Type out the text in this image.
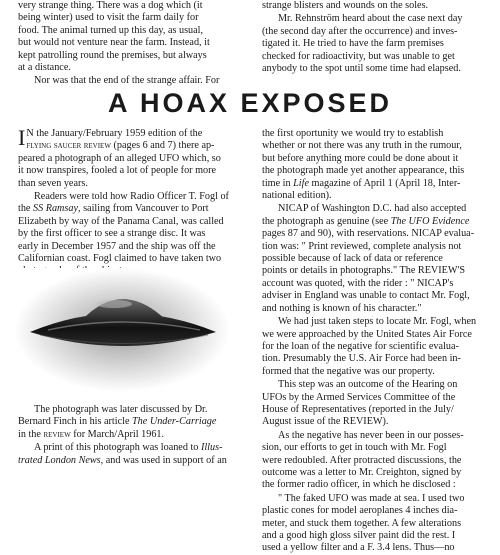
very strange thing. There was a dog which (it
being winter) used to visit the farm daily for
food. The animal turned up this day, as usual,
but would not venture near the farm. Instead, it
kept patrolling round the premises, but always
at a distance.

Nor was that the end of the strange affair. For

strange blisters and wounds on the soles.

Mr. Rehnström heard about the case next day
(the second day after the occurrence) and inves-
tigated it. He tried to have the farm premises
checked for radioactivity, but was unable to get
anybody to the spot until some time had elapsed.

A HOAX EXPOSED

I N the January/February 1959 edition of the
flying saucer review (pages 6 and 7) there ap-
peared a photograph of an alleged UFO which, so
it now transpires, fooled a lot of people for more
than seven years.

Readers were told how Radio Officer T. Fogl of
the SS Ramsay, sailing from Vancouver to Port
Elizabeth by way of the Panama Canal, was called
by the first officer to see a strange disc. It was
early in December 1957 and the ship was off the
Californian coast. Fogl claimed to have taken two

The photograph was later discussed by Dr.
Bernard Finch in his article The Under-Carriage
in the review for March/April 1961.

A print of this photograph was loaned to Illus-
trated London News, and was used in support of an

the first oportunity we would try to establish
whether or not there was any truth in the rumour,
but before anything more could be done about it
the photograph made yet another appearance, this
time in Life magazine of April 1 (April 18, Inter-
national edition).

NICAP of Washington D.C. had also accepted
the photograph as genuine (see The UFO Evidence
pages 87 and 90), with reservations. NICAP evalua-
tion was: " Print reviewed, complete analysis not
possible because of lack of data or reference
points or details in photographs." The REVIEW'S
account was quoted, with the rider : " NICAP's
adviser in England was unable to contact Mr. Fogl,
and nothing is known of his character."

We had just taken steps to locate Mr. Fogl, when
we were approached by the United States Air Force
for the loan of the negative for scientific evalua-
tion. Presumably the U.S. Air Force had been in-
formed that the negative was our property.

This step was an outcome of the Hearing on
UFOs by the Armed Services Committee of the
House of Representatives (reported in the July/
August issue of the REVIEW).

As the negative has never been in our posses-
sion, our efforts to get in touch with Mr. Fogl
were redoubled. After protracted discussions, the
outcome was a letter to Mr. Creighton, signed by
the former radio officer, in which he disclosed :

" The faked UFO was made at sea. I used two
plastic cones for model aeroplanes 4 inches dia-
meter, and stuck them together. A few alterations
and a good high gloss silver paint did the rest. I
used a yellow filter and a F. 3.4 lens. Thus—no
